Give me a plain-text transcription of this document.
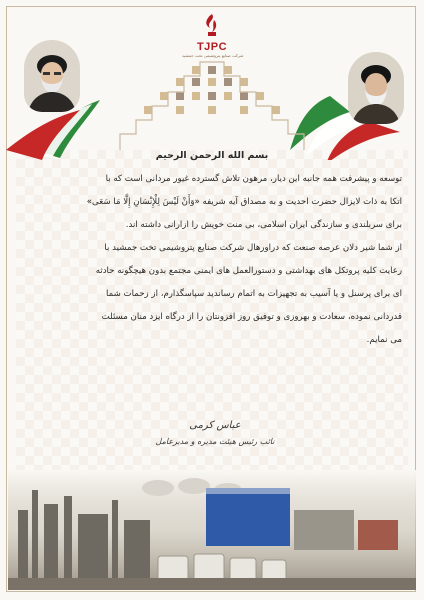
TJPC
شرکت صنایع پتروشیمی تخت جمشید

بسم الله الرحمن الرحیم

توسعه و پیشرفت همه جانبه این دیار، مرهون تلاش گسترده غیور مردانی است که با

اتکا به ذات لایزال حضرت احدیت و به مصداق آیه شریفه «وَأَنْ لَيْسَ لِلْإِنْسَانِ إِلَّا مَا سَعَى»

برای سربلندی و سازندگی ایران اسلامی، بی منت خویش را ازارانی داشته اند.

از شما شیر دلان عرصه صنعت که دراورهال شرکت صنایع پتروشیمی تخت جمشید با

رعایت کلیه پروتکل های بهداشتی و دستورالعمل های ایمنی مجتمع بدون هیچگونه حادثه

ای برای پرسنل و یا آسیب به تجهیزات به اتمام رساندید سپاسگذارم، از زحمات شما

قدردانی نموده، سعادت و بهروزی و توفیق روز افزونتان را از درگاه ایزد منان مسئلت

می نمایم.

عباس کرمی
نائب رئیس هیئت مدیره و مدیرعامل
